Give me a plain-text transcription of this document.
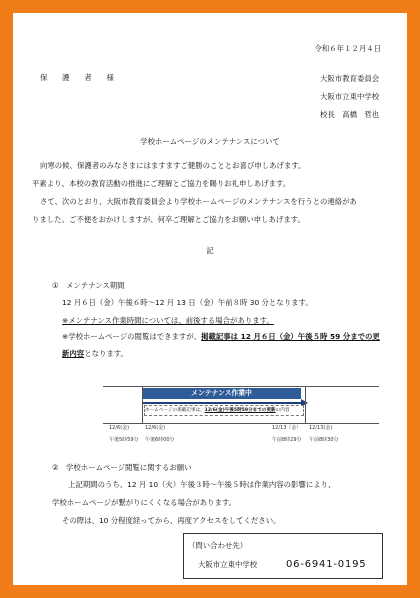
令和６年１２月４日
保　　護　　者　　様	大阪市教育委員会
大阪市立東中学校
校長　高橋　哲也
学校ホームページのメンテナンスについて
向寒の候、保護者のみなさまにはますますご健勝のこととお喜び申しあげます。
平素より、本校の教育活動の推進にご理解とご協力を賜りお礼申しあげます。
さて、次のとおり、大阪市教育委員会より学校ホームページのメンテナンスを行うとの連絡があ
りました。ご不便をおかけしますが、何卒ご理解とご協力をお願い申しあげます。
記
①　メンテナンス期間
12 月６日（金）午後６時～12 月 13 日（金）午前８時 30 分となります。
※メンテナンス作業時間については、前後する場合があります。
※学校ホームページの閲覧はできますが、掲載記事は 12 月６日（金）午後５時 59 分までの更
新内容となります。
メンテナンス作業中
ホームページの掲載記事は、12/6(金)午後5時59分までの更新の内容
12/6(金)
午後5時59分
12/6(金)
午後6時00分
12/13（金）
午前8時29分
12/13(金)
午前8時30分
②　学校ホームページ閲覧に関するお願い
上記期間のうち、12 月 10（火）午後３時～午後５時は作業内容の影響により、
学校ホームページが繋がりにくくなる場合があります。
その際は、10 分程度経ってから、再度アクセスをしてください。
（問い合わせ先）
大阪市立東中学校	06-6941-0195
